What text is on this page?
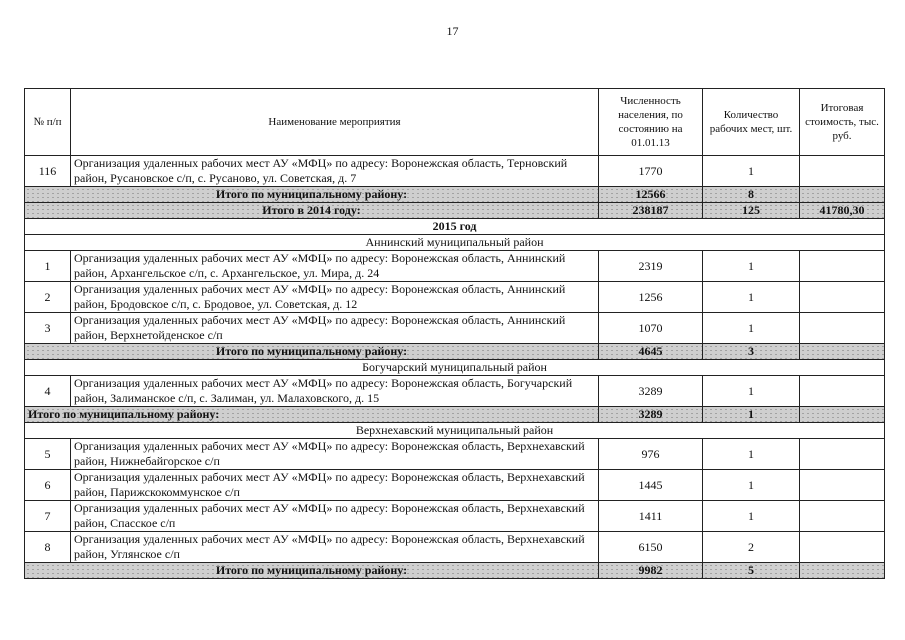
17
№ п/п	Наименование мероприятия	Численность населения, по состоянию на 01.01.13	Количество рабочих мест, шт.	Итоговая стоимость, тыс. руб.
116	Организация удаленных рабочих мест АУ «МФЦ» по адресу: Воронежская область, Терновский район, Русановское с/п, с. Русаново, ул. Советская, д. 7	1770	1	
Итого по муниципальному району:		12566	8	
Итого в 2014 году:		238187	125	41780,30
2015 год				
Аннинский муниципальный район				
1	Организация удаленных рабочих мест АУ «МФЦ» по адресу: Воронежская область, Аннинский район, Архангельское с/п, с. Архангельское, ул. Мира, д. 24	2319	1	
2	Организация удаленных рабочих мест АУ «МФЦ» по адресу: Воронежская область, Аннинский район, Бродовское с/п, с. Бродовое, ул. Советская, д. 12	1256	1	
3	Организация удаленных рабочих мест АУ «МФЦ» по адресу: Воронежская область, Аннинский район, Верхнетойденское с/п	1070	1	
Итого по муниципальному району:		4645	3	
Богучарский муниципальный район				
4	Организация удаленных рабочих мест АУ «МФЦ» по адресу: Воронежская область, Богучарский район, Залиманское с/п, с. Залиман, ул. Малаховского, д. 15	3289	1	
Итого по муниципальному району:		3289	1	
Верхнехавский муниципальный район				
5	Организация удаленных рабочих мест АУ «МФЦ» по адресу: Воронежская область, Верхнехавский район, Нижнебайгорское с/п	976	1	
6	Организация удаленных рабочих мест АУ «МФЦ» по адресу: Воронежская область, Верхнехавский район, Парижскокоммунское с/п	1445	1	
7	Организация удаленных рабочих мест АУ «МФЦ» по адресу: Воронежская область, Верхнехавский район, Спасское с/п	1411	1	
8	Организация удаленных рабочих мест АУ «МФЦ» по адресу: Воронежская область, Верхнехавский район, Углянское с/п	6150	2	
Итого по муниципальному району:		9982	5	
